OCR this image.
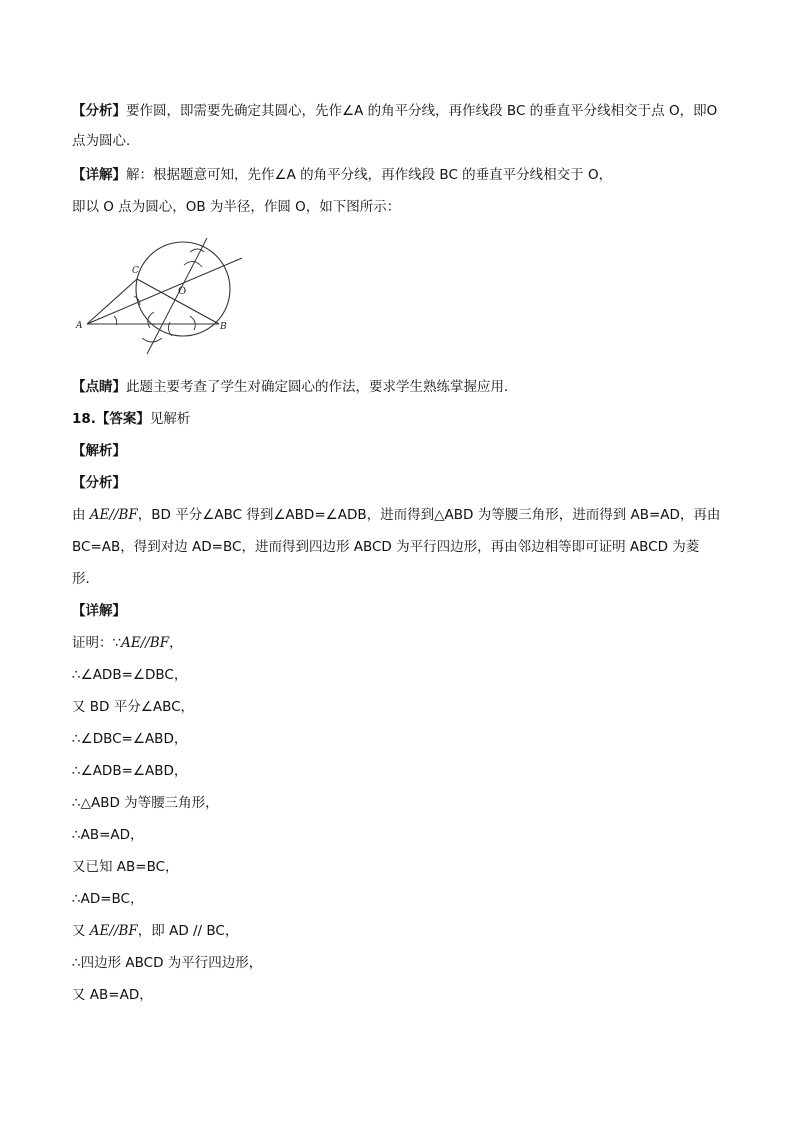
【分析】要作圆，即需要先确定其圆心，先作∠A 的角平分线，再作线段 BC 的垂直平分线相交于点 O，即O
点为圆心．
【详解】解：根据题意可知，先作∠A 的角平分线，再作线段 BC 的垂直平分线相交于 O，
即以 O 点为圆心，OB 为半径，作圆 O，如下图所示：
A	B
C
O
【点睛】此题主要考查了学生对确定圆心的作法，要求学生熟练掌握应用．
18.【答案】见解析
【解析】
【分析】
由 AE//BF，BD 平分∠ABC 得到∠ABD=∠ADB，进而得到△ABD 为等腰三角形，进而得到 AB=AD，再由
BC=AB，得到对边 AD=BC，进而得到四边形 ABCD 为平行四边形，再由邻边相等即可证明 ABCD 为菱
形．
【详解】
证明：∵AE//BF，
∴∠ADB=∠DBC，
又 BD 平分∠ABC，
∴∠DBC=∠ABD，
∴∠ADB=∠ABD，
∴△ABD 为等腰三角形，
∴AB=AD，
又已知 AB=BC，
∴AD=BC，
又 AE//BF，即 AD // BC，
∴四边形 ABCD 为平行四边形，
又 AB=AD，
